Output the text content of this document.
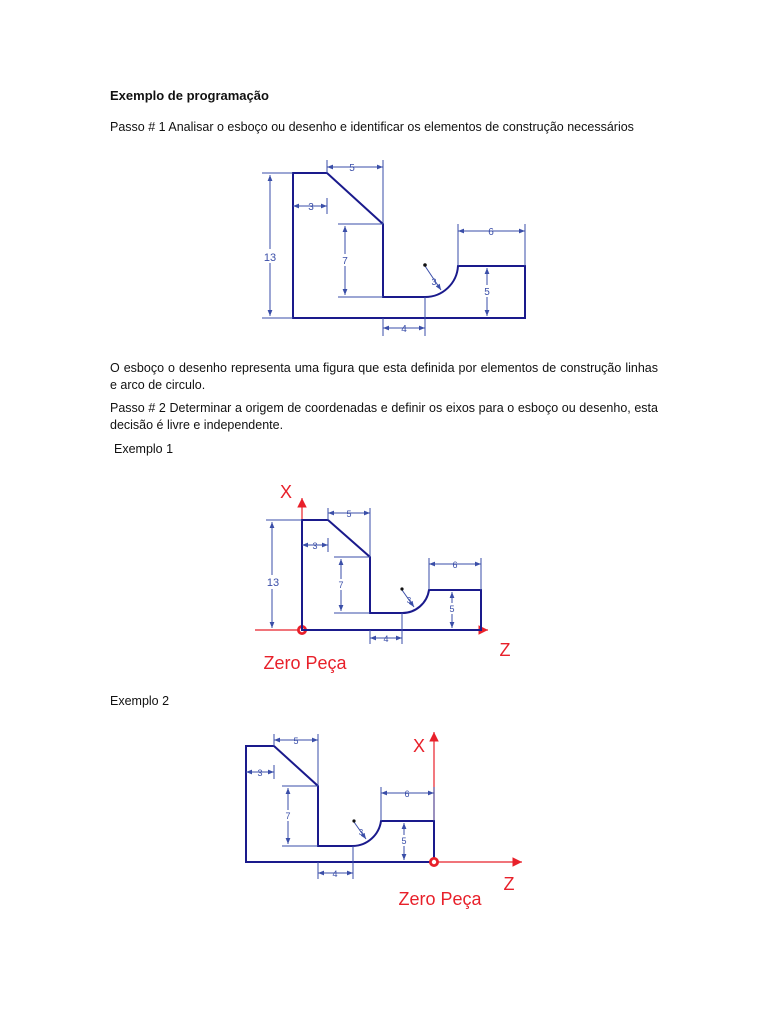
Exemplo de programação

Passo # 1 Analisar o esboço ou desenho e identificar os elementos de construção necessários

O esboço o desenho representa uma figura que esta definida por elementos de construção linhas e arco de circulo.

Passo # 2 Determinar a origem de coordenadas e definir os eixos para o esboço ou desenho, esta decisão é livre e independente.

Exemplo 1

Exemplo 2

5
3
13	7
3
4
6
5
X
Z
Zero Peça
5
3
13	7
3
4
6
5
X
Z
Zero Peça
5
3
7
3
4
6
5
